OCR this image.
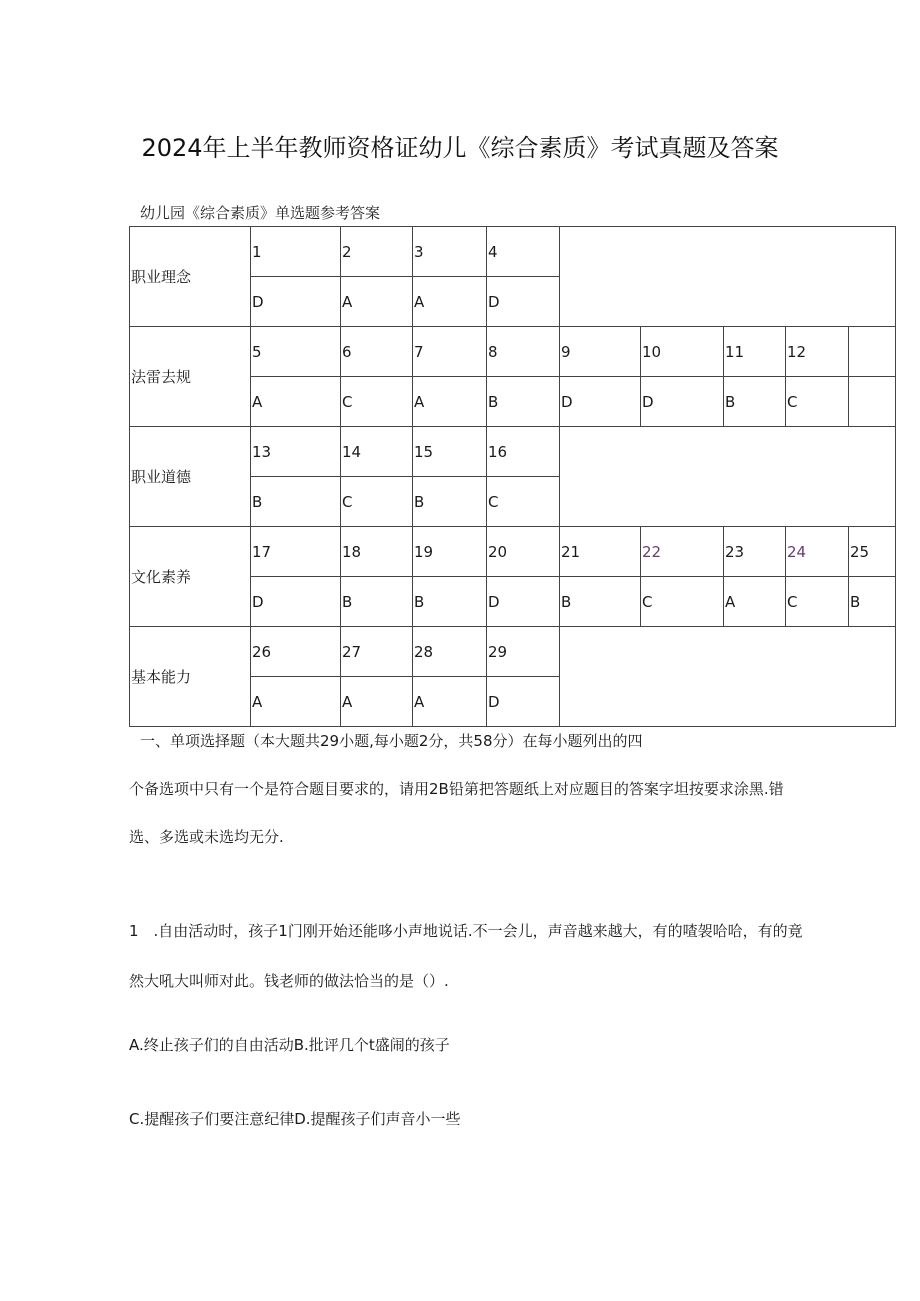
2024年上半年教师资格证幼儿《综合素质》考试真题及答案
幼儿园《综合素质》单选题参考答案
职业理念	1	2	3	4					
	D	A	A	D					
法雷去规	5	6	7	8	9	10	11	12	
	A	C	A	B	D	D	B	C	
职业道德	13	14	15	16					
	B	C	B	C					
文化素养	17	18	19	20	21	22	23	24	25
	D	B	B	D	B	C	A	C	B
基本能力	26	27	28	29					
	A	A	A	D					
一、单项选择题（本大题共29小题,每小题2分，共58分）在每小题列出的四
个备选项中只有一个是符合题目要求的，请用2B铅第把答题纸上对应题目的答案字坦按要求涂黑.错
选、多选或未选均无分.
1　.自由活动时，孩子1门刚开始还能哆小声地说话.不一会儿，声音越来越大，有的喳袈哈哈，有的竟
然大吼大叫师对此。钱老师的做法恰当的是（）.
A.终止孩子们的自由活动B.批评几个t盛闹的孩子
C.提醒孩子们要注意纪律D.提醒孩子们声音小一些
